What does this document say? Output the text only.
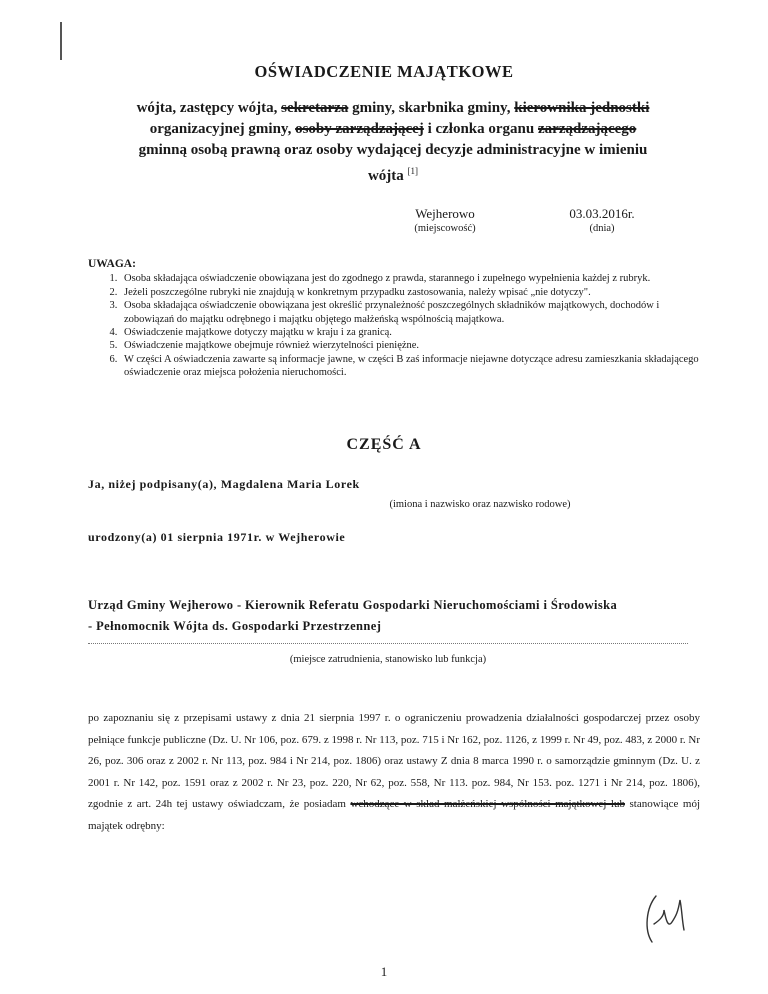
OŚWIADCZENIE MAJĄTKOWE
wójta, zastępcy wójta, sekretarza gminy, skarbnika gminy, kierownika jednostki
organizacyjnej gminy, osoby zarządzającej i członka organu zarządzającego
gminną osobą prawną oraz osoby wydającej decyzje administracyjne w imieniu
wójta [1]
Wejherowo
(miejscowość)
03.03.2016r.
(dnia)
UWAGA:
1. Osoba składająca oświadczenie obowiązana jest do zgodnego z prawda, starannego i zupełnego wypełnienia każdej z rubryk.
2. Jeżeli poszczególne rubryki nie znajdują w konkretnym przypadku zastosowania, należy wpisać „nie dotyczy".
3. Osoba składająca oświadczenie obowiązana jest określić przynależność poszczególnych składników majątkowych, dochodów i zobowiązań do majątku odrębnego i majątku objętego małżeńską wspólnością majątkowa.
4. Oświadczenie majątkowe dotyczy majątku w kraju i za granicą.
5. Oświadczenie majątkowe obejmuje również wierzytelności pieniężne.
6. W części A oświadczenia zawarte są informacje jawne, w części B zaś informacje niejawne dotyczące adresu zamieszkania składającego oświadczenie oraz miejsca położenia nieruchomości.
CZĘŚĆ A
Ja, niżej podpisany(a), Magdalena Maria Lorek
(imiona i nazwisko oraz nazwisko rodowe)
urodzony(a) 01 sierpnia 1971r. w Wejherowie
Urząd Gminy Wejherowo - Kierownik Referatu Gospodarki Nieruchomościami i Środowiska
- Pełnomocnik Wójta ds. Gospodarki Przestrzennej
(miejsce zatrudnienia, stanowisko lub funkcja)
po zapoznaniu się z przepisami ustawy z dnia 21 sierpnia 1997 r. o ograniczeniu prowadzenia działalności gospodarczej przez osoby pełniące funkcje publiczne (Dz. U. Nr 106, poz. 679. z 1998 r. Nr 113, poz. 715 i Nr 162, poz. 1126, z 1999 r. Nr 49, poz. 483, z 2000 r. Nr 26, poz. 306 oraz z 2002 r. Nr 113, poz. 984 i Nr 214, poz. 1806) oraz ustawy Z dnia 8 marca 1990 r. o samorządzie gminnym (Dz. U. z 2001 r. Nr 142, poz. 1591 oraz z 2002 r. Nr 23, poz. 220, Nr 62, poz. 558, Nr 113. poz. 984, Nr 153. poz. 1271 i Nr 214, poz. 1806), zgodnie z art. 24h tej ustawy oświadczam, że posiadam wchodzące w skład małżeńskiej wspólności majątkowej lub stanowiące mój majątek odrębny:
1
